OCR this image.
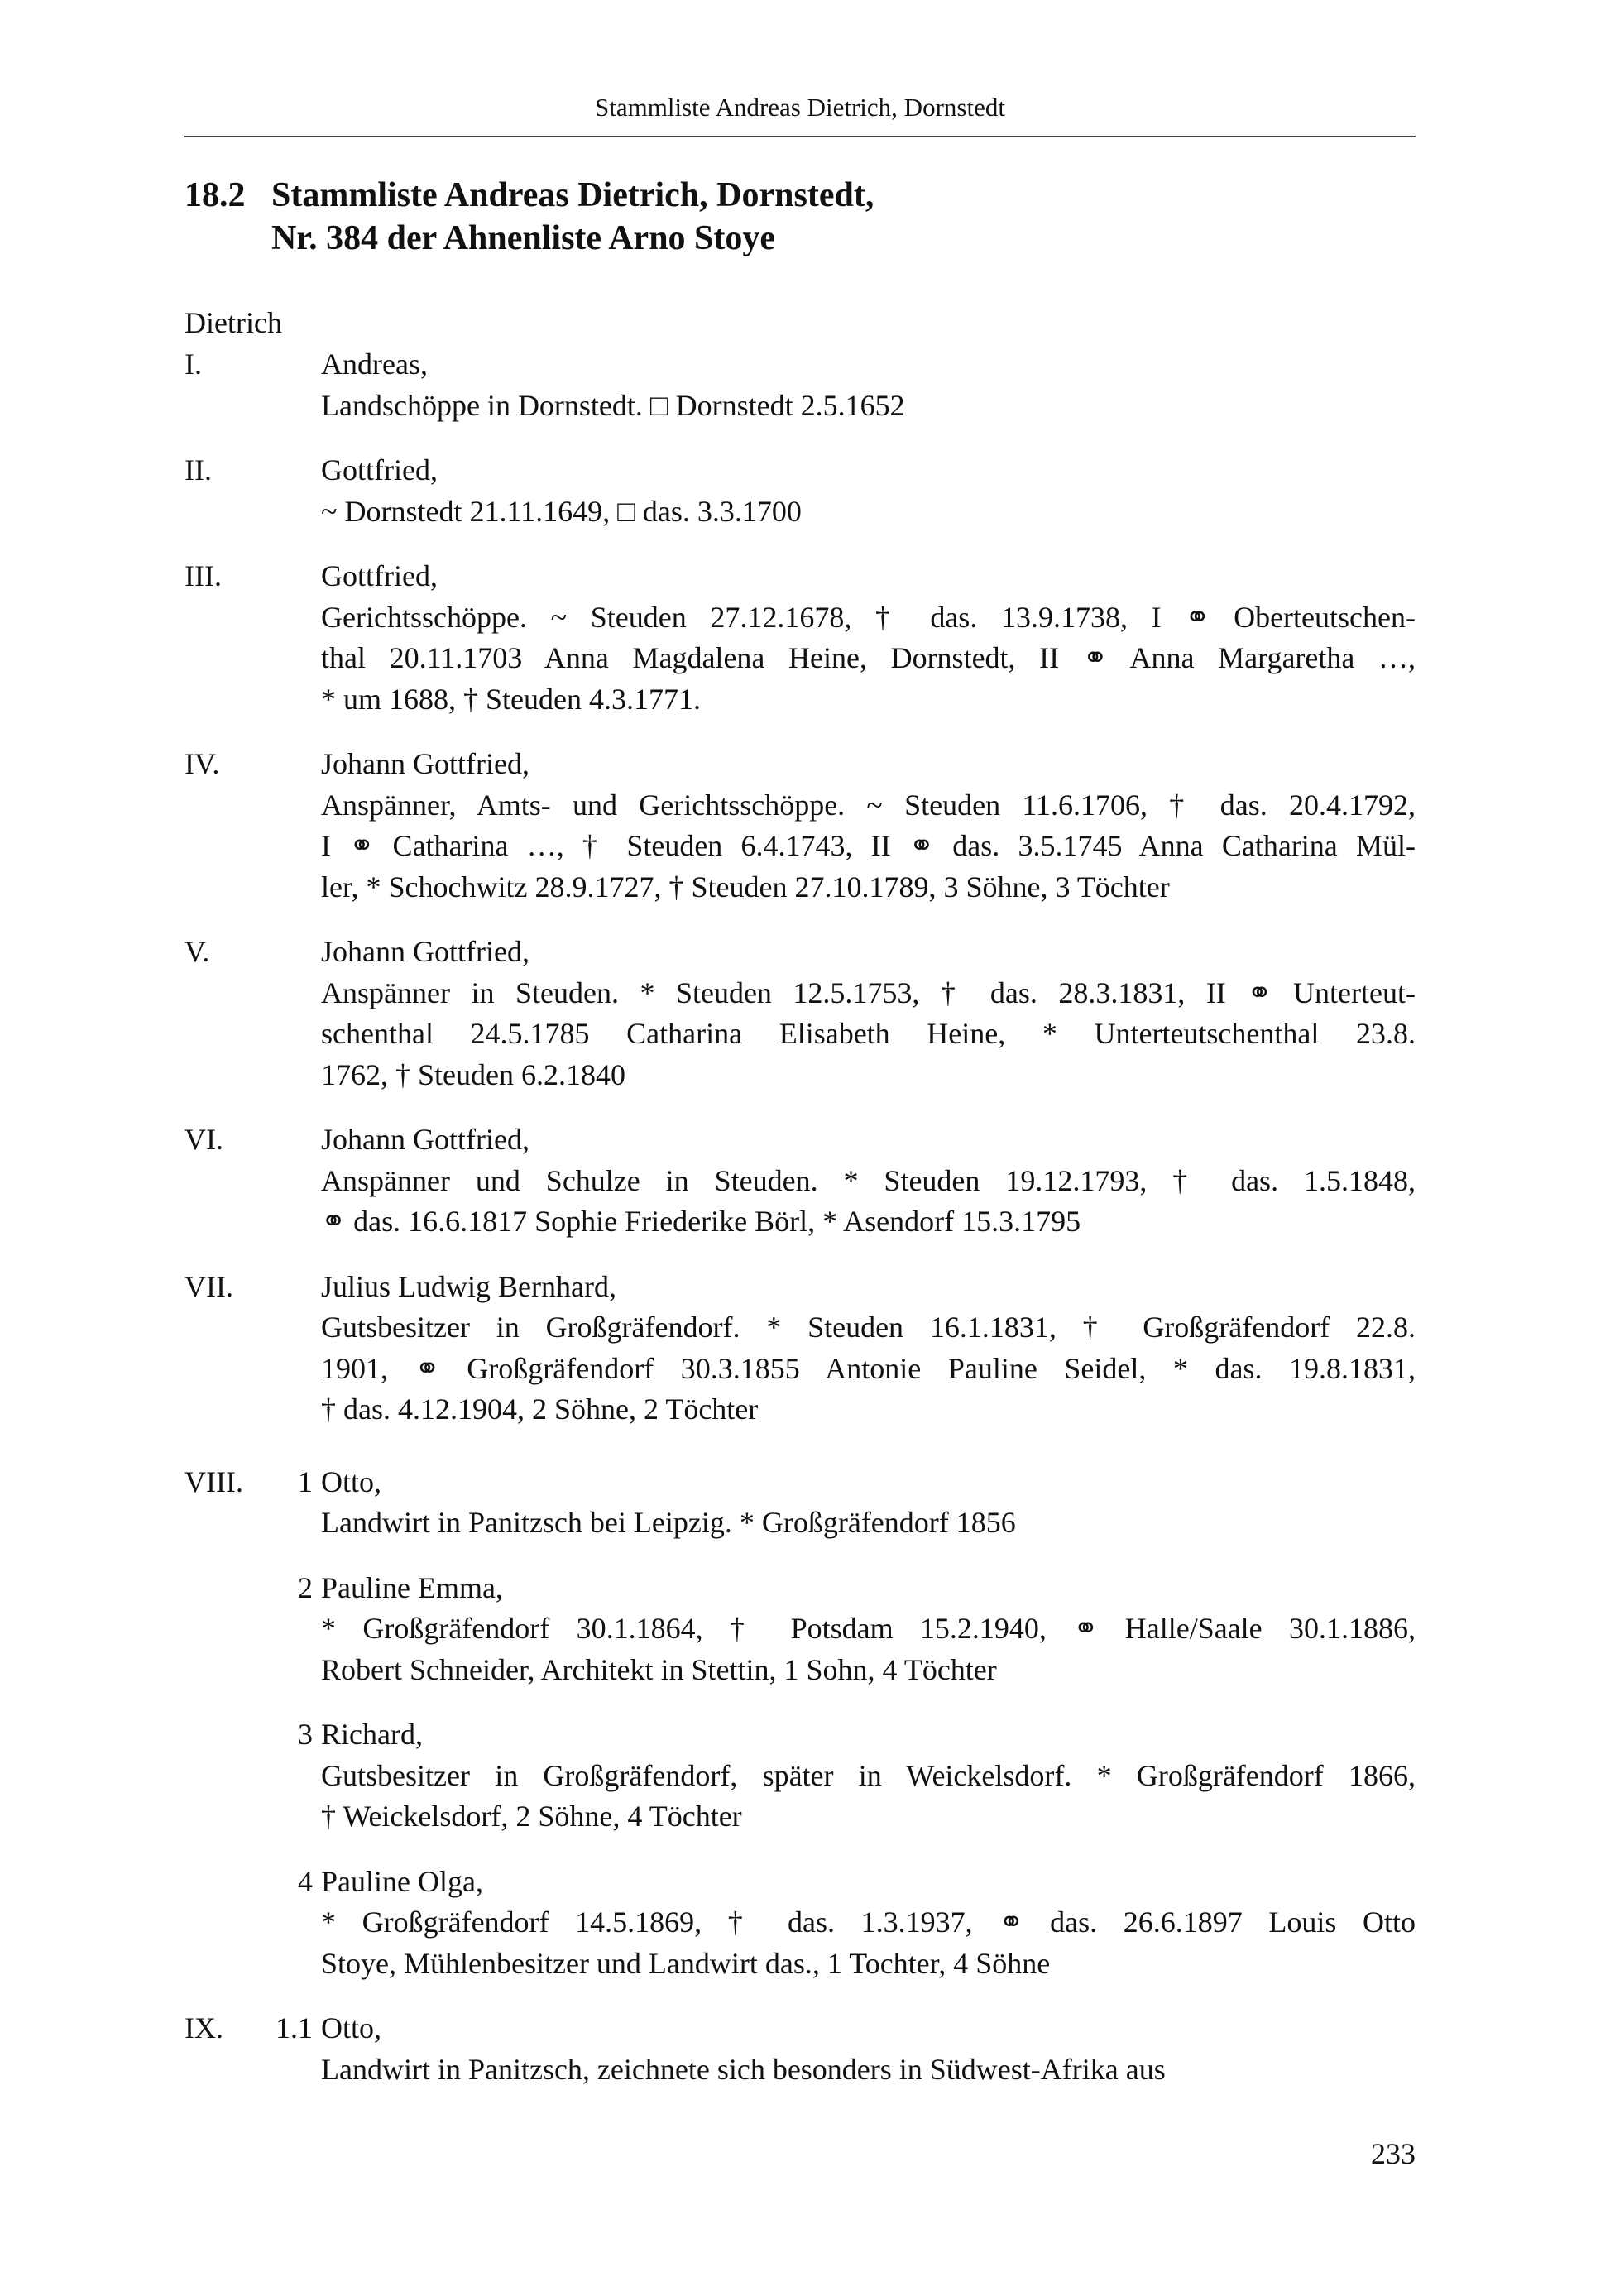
Stammliste Andreas Dietrich, Dornstedt
18.2 Stammliste Andreas Dietrich, Dornstedt,
Nr. 384 der Ahnenliste Arno Stoye
Dietrich
I.	Andreas,
Landschöppe in Dornstedt. □ Dornstedt 2.5.1652
II.	Gottfried,
~ Dornstedt 21.11.1649, □ das. 3.3.1700
III.	Gottfried,
Gerichtsschöppe. ~ Steuden 27.12.1678, † das. 13.9.1738, I ⚭ Oberteutschen-
thal 20.11.1703 Anna Magdalena Heine, Dornstedt, II ⚭ Anna Margaretha …,
* um 1688, † Steuden 4.3.1771.
IV.	Johann Gottfried,
Anspänner, Amts- und Gerichtsschöppe. ~ Steuden 11.6.1706, † das. 20.4.1792,
I ⚭ Catharina …, † Steuden 6.4.1743, II ⚭ das. 3.5.1745 Anna Catharina Mül-
ler, * Schochwitz 28.9.1727, † Steuden 27.10.1789, 3 Söhne, 3 Töchter
V.	Johann Gottfried,
Anspänner in Steuden. * Steuden 12.5.1753, † das. 28.3.1831, II ⚭ Unterteut-
schenthal 24.5.1785 Catharina Elisabeth Heine, * Unterteutschenthal 23.8.
1762, † Steuden 6.2.1840
VI.	Johann Gottfried,
Anspänner und Schulze in Steuden. * Steuden 19.12.1793, † das. 1.5.1848,
⚭ das. 16.6.1817 Sophie Friederike Börl, * Asendorf 15.3.1795
VII.	Julius Ludwig Bernhard,
Gutsbesitzer in Großgräfendorf. * Steuden 16.1.1831, † Großgräfendorf 22.8.
1901, ⚭ Großgräfendorf 30.3.1855 Antonie Pauline Seidel, * das. 19.8.1831,
† das. 4.12.1904, 2 Söhne, 2 Töchter
VIII.	1 Otto,
Landwirt in Panitzsch bei Leipzig. * Großgräfendorf 1856
2 Pauline Emma,
* Großgräfendorf 30.1.1864, † Potsdam 15.2.1940, ⚭ Halle/Saale 30.1.1886,
Robert Schneider, Architekt in Stettin, 1 Sohn, 4 Töchter
3 Richard,
Gutsbesitzer in Großgräfendorf, später in Weickelsdorf. * Großgräfendorf 1866,
† Weickelsdorf, 2 Söhne, 4 Töchter
4 Pauline Olga,
* Großgräfendorf 14.5.1869, † das. 1.3.1937, ⚭ das. 26.6.1897 Louis Otto
Stoye, Mühlenbesitzer und Landwirt das., 1 Tochter, 4 Söhne
IX.	1.1 Otto,
Landwirt in Panitzsch, zeichnete sich besonders in Südwest-Afrika aus
233
